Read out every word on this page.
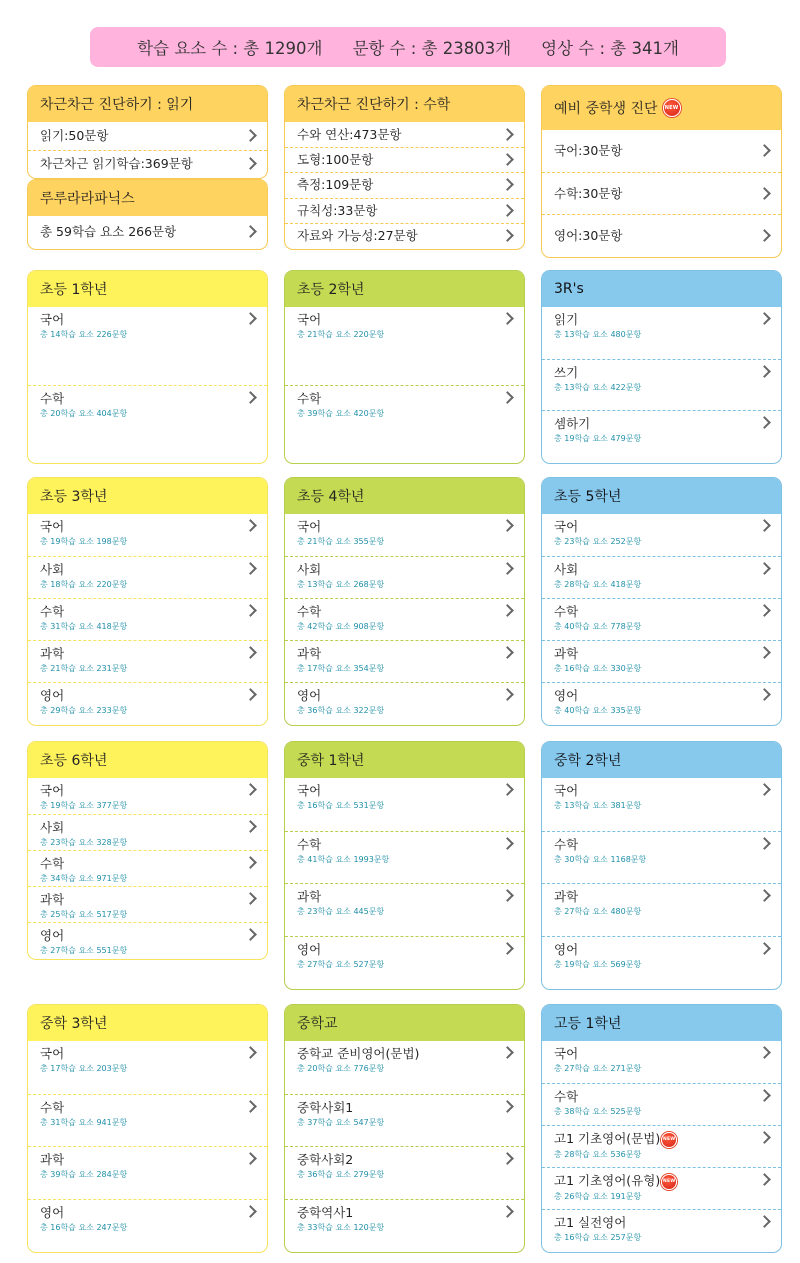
학습 요소 수 : 총 1290개 문항 수 : 총 23803개 영상 수 : 총 341개
차근차근 진단하기 : 읽기
읽기:50문항
차근차근 읽기학습:369문항
루루라라파닉스
총 59학습 요소 266문항
차근차근 진단하기 : 수학
수와 연산:473문항
도형:100문항
측정:109문항
규칙성:33문항
자료와 가능성:27문항
예비 중학생 진단	NEW
국어:30문항
수학:30문항
영어:30문항
초등 1학년
국어
총 14학습 요소 226문항
수학
총 20학습 요소 404문항
초등 2학년
국어
총 21학습 요소 220문항
수학
총 39학습 요소 420문항
3R's
읽기
총 13학습 요소 480문항
쓰기
총 13학습 요소 422문항
셈하기
총 19학습 요소 479문항
초등 3학년
국어
총 19학습 요소 198문항
사회
총 18학습 요소 220문항
수학
총 31학습 요소 418문항
과학
총 21학습 요소 231문항
영어
총 29학습 요소 233문항
초등 4학년
국어
총 21학습 요소 355문항
사회
총 13학습 요소 268문항
수학
총 42학습 요소 908문항
과학
총 17학습 요소 354문항
영어
총 36학습 요소 322문항
초등 5학년
국어
총 23학습 요소 252문항
사회
총 28학습 요소 418문항
수학
총 40학습 요소 778문항
과학
총 16학습 요소 330문항
영어
총 40학습 요소 335문항
초등 6학년
국어
총 19학습 요소 377문항
사회
총 23학습 요소 328문항
수학
총 34학습 요소 971문항
과학
총 25학습 요소 517문항
영어
총 27학습 요소 551문항
중학 1학년
국어
총 16학습 요소 531문항
수학
총 41학습 요소 1993문항
과학
총 23학습 요소 445문항
영어
총 27학습 요소 527문항
중학 2학년
국어
총 13학습 요소 381문항
수학
총 30학습 요소 1168문항
과학
총 27학습 요소 480문항
영어
총 19학습 요소 569문항
중학 3학년
국어
총 17학습 요소 203문항
수학
총 31학습 요소 941문항
과학
총 39학습 요소 284문항
영어
총 16학습 요소 247문항
중학교
중학교 준비영어(문법)
총 20학습 요소 776문항
중학사회1
총 37학습 요소 547문항
중학사회2
총 36학습 요소 279문항
중학역사1
총 33학습 요소 120문항
고등 1학년
국어
총 27학습 요소 271문항
수학
총 38학습 요소 525문항
고1 기초영어(문법) NEW
총 28학습 요소 536문항
고1 기초영어(유형) NEW
총 26학습 요소 191문항
고1 실전영어
총 16학습 요소 257문항
